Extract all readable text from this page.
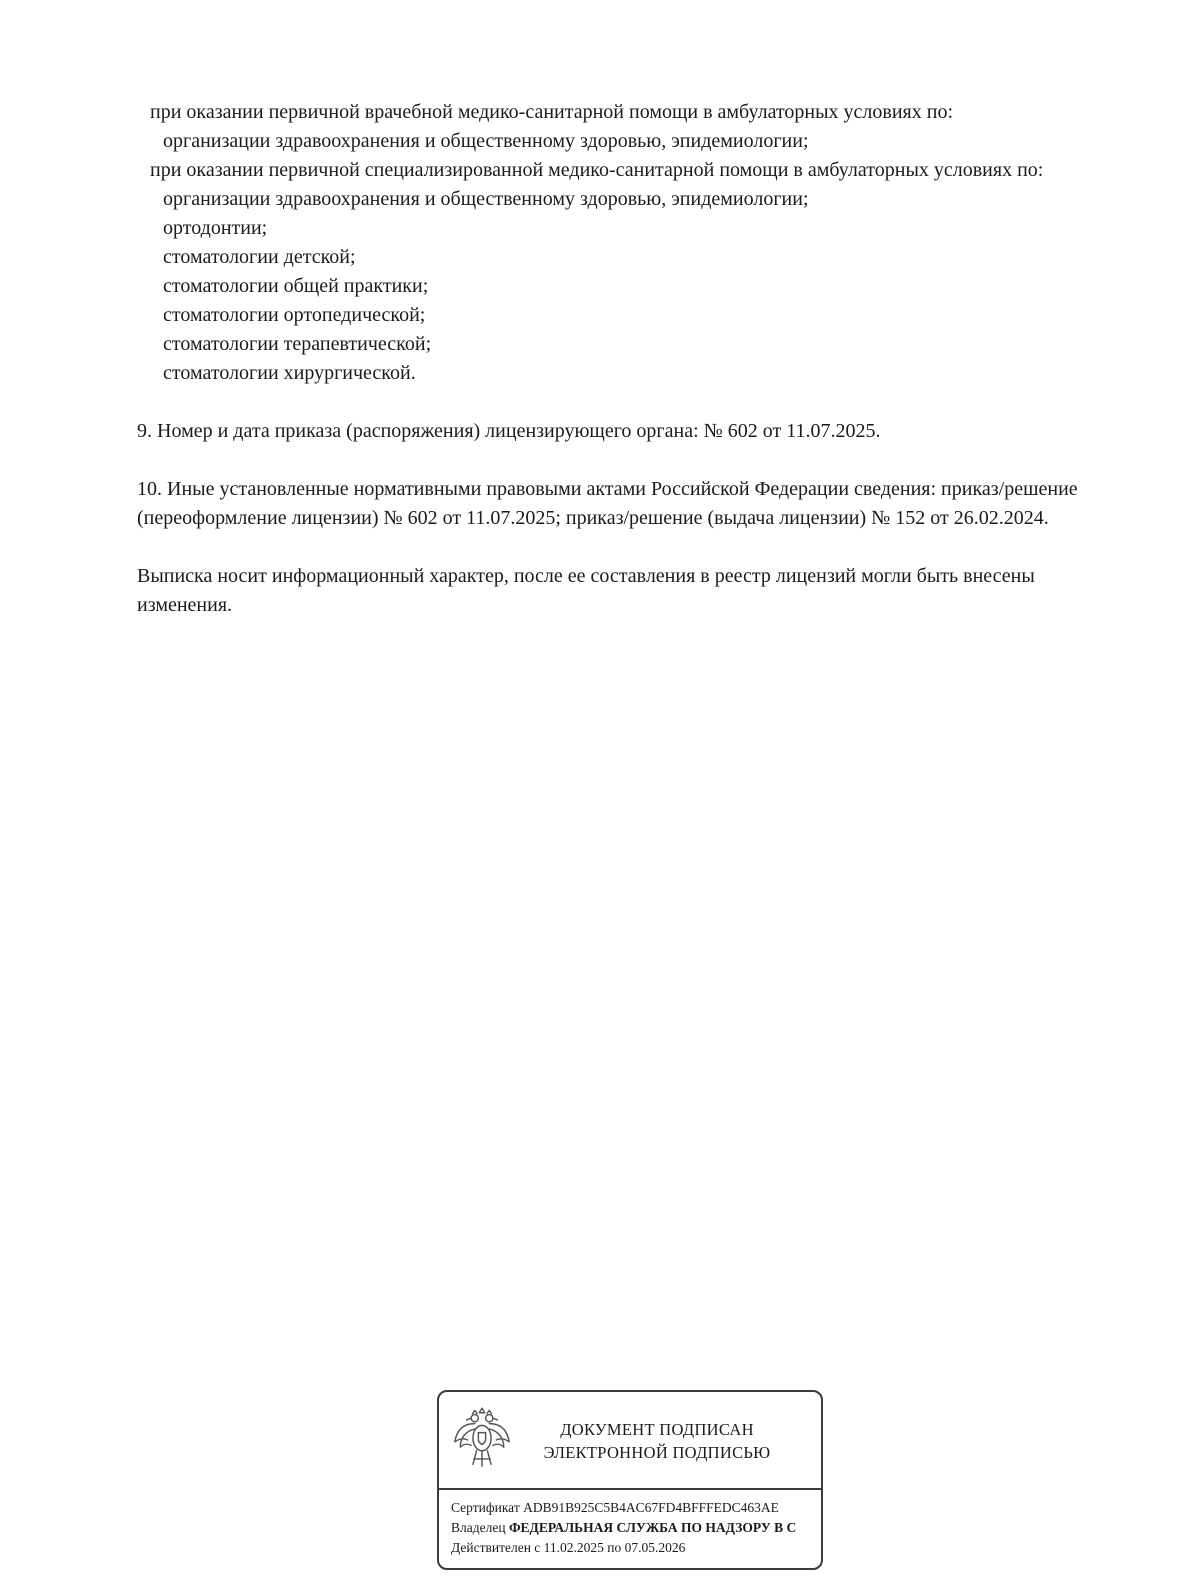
при оказании первичной врачебной медико-санитарной помощи в амбулаторных условиях по:
организации здравоохранения и общественному здоровью, эпидемиологии;
при оказании первичной специализированной медико-санитарной помощи в амбулаторных условиях по:
организации здравоохранения и общественному здоровью, эпидемиологии;
ортодонтии;
стоматологии детской;
стоматологии общей практики;
стоматологии ортопедической;
стоматологии терапевтической;
стоматологии хирургической.

9. Номер и дата приказа (распоряжения) лицензирующего органа: № 602 от 11.07.2025.

10. Иные установленные нормативными правовыми актами Российской Федерации сведения: приказ/решение (переоформление лицензии) № 602 от 11.07.2025; приказ/решение (выдача лицензии) № 152 от 26.02.2024.

Выписка носит информационный характер, после ее составления в реестр лицензий могли быть внесены изменения.

ДОКУМЕНТ ПОДПИСАН
ЭЛЕКТРОННОЙ ПОДПИСЬЮ
Сертификат ADB91B925C5B4AC67FD4BFFFEDC463AE
Владелец ФЕДЕРАЛЬНАЯ СЛУЖБА ПО НАДЗОРУ В С
Действителен с 11.02.2025 по 07.05.2026
